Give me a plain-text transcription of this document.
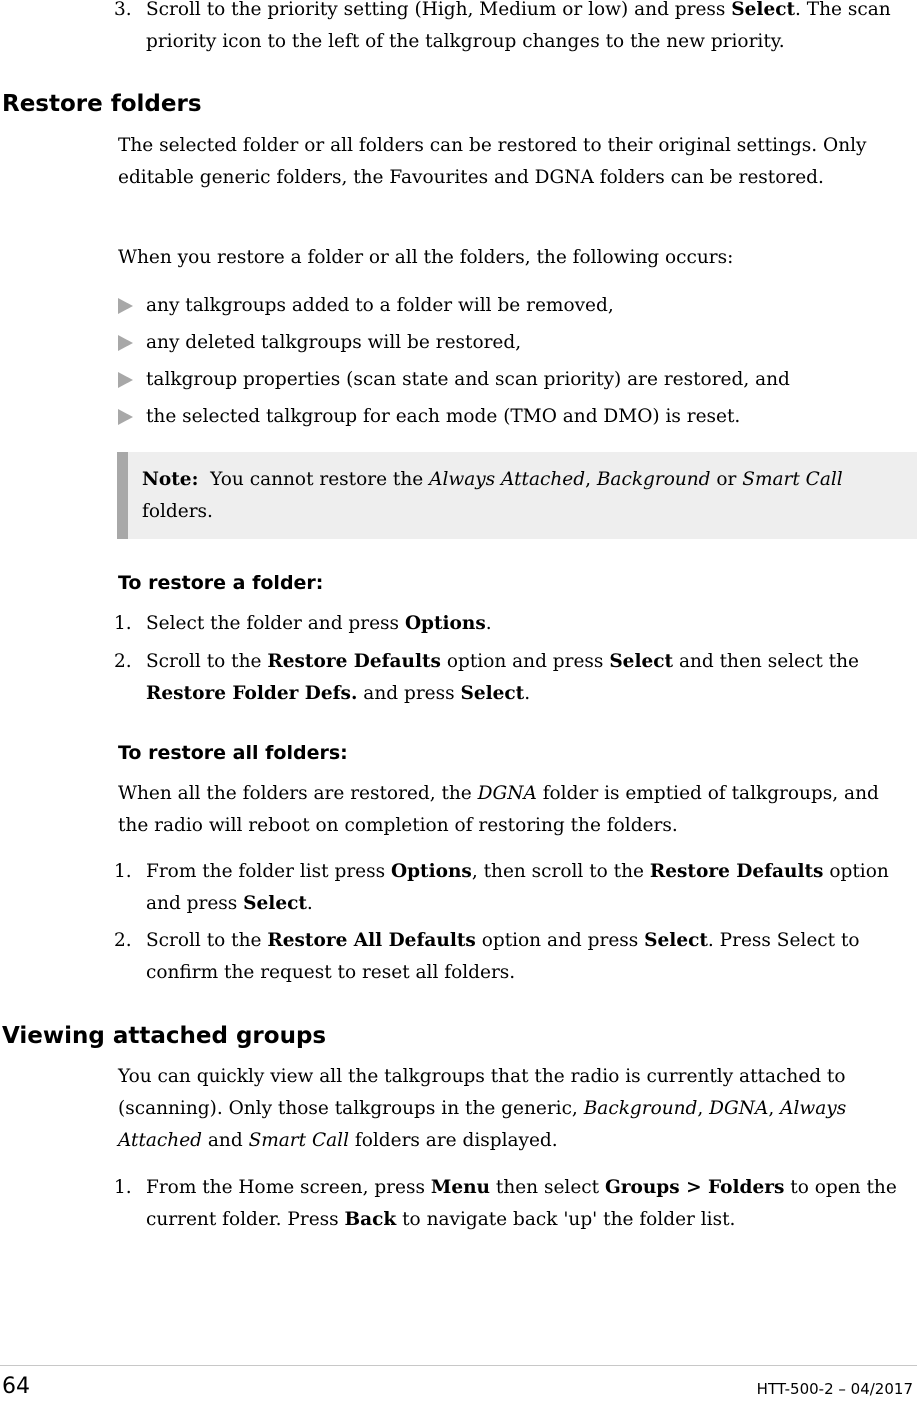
3. Scroll to the priority setting (High, Medium or low) and press Select. The scan priority icon to the left of the talkgroup changes to the new priority.
Restore folders

The selected folder or all folders can be restored to their original settings. Only editable generic folders, the Favourites and DGNA folders can be restored.

When you restore a folder or all the folders, the following occurs:

any talkgroups added to a folder will be removed,
any deleted talkgroups will be restored,
talkgroup properties (scan state and scan priority) are restored, and
the selected talkgroup for each mode (TMO and DMO) is reset.
Note: You cannot restore the Always Attached, Background or Smart Call folders.
To restore a folder:
1. Select the folder and press Options.
2. Scroll to the Restore Defaults option and press Select and then select the Restore Folder Defs. and press Select.
To restore all folders:

When all the folders are restored, the DGNA folder is emptied of talkgroups, and the radio will reboot on completion of restoring the folders.

1. From the folder list press Options, then scroll to the Restore Defaults option and press Select.
2. Scroll to the Restore All Defaults option and press Select. Press Select to confirm the request to reset all folders.
Viewing attached groups

You can quickly view all the talkgroups that the radio is currently attached to (scanning). Only those talkgroups in the generic, Background, DGNA, Always Attached and Smart Call folders are displayed.

1. From the Home screen, press Menu then select Groups > Folders to open the current folder. Press Back to navigate back 'up' the folder list.
64	HTT-500-2 – 04/2017
